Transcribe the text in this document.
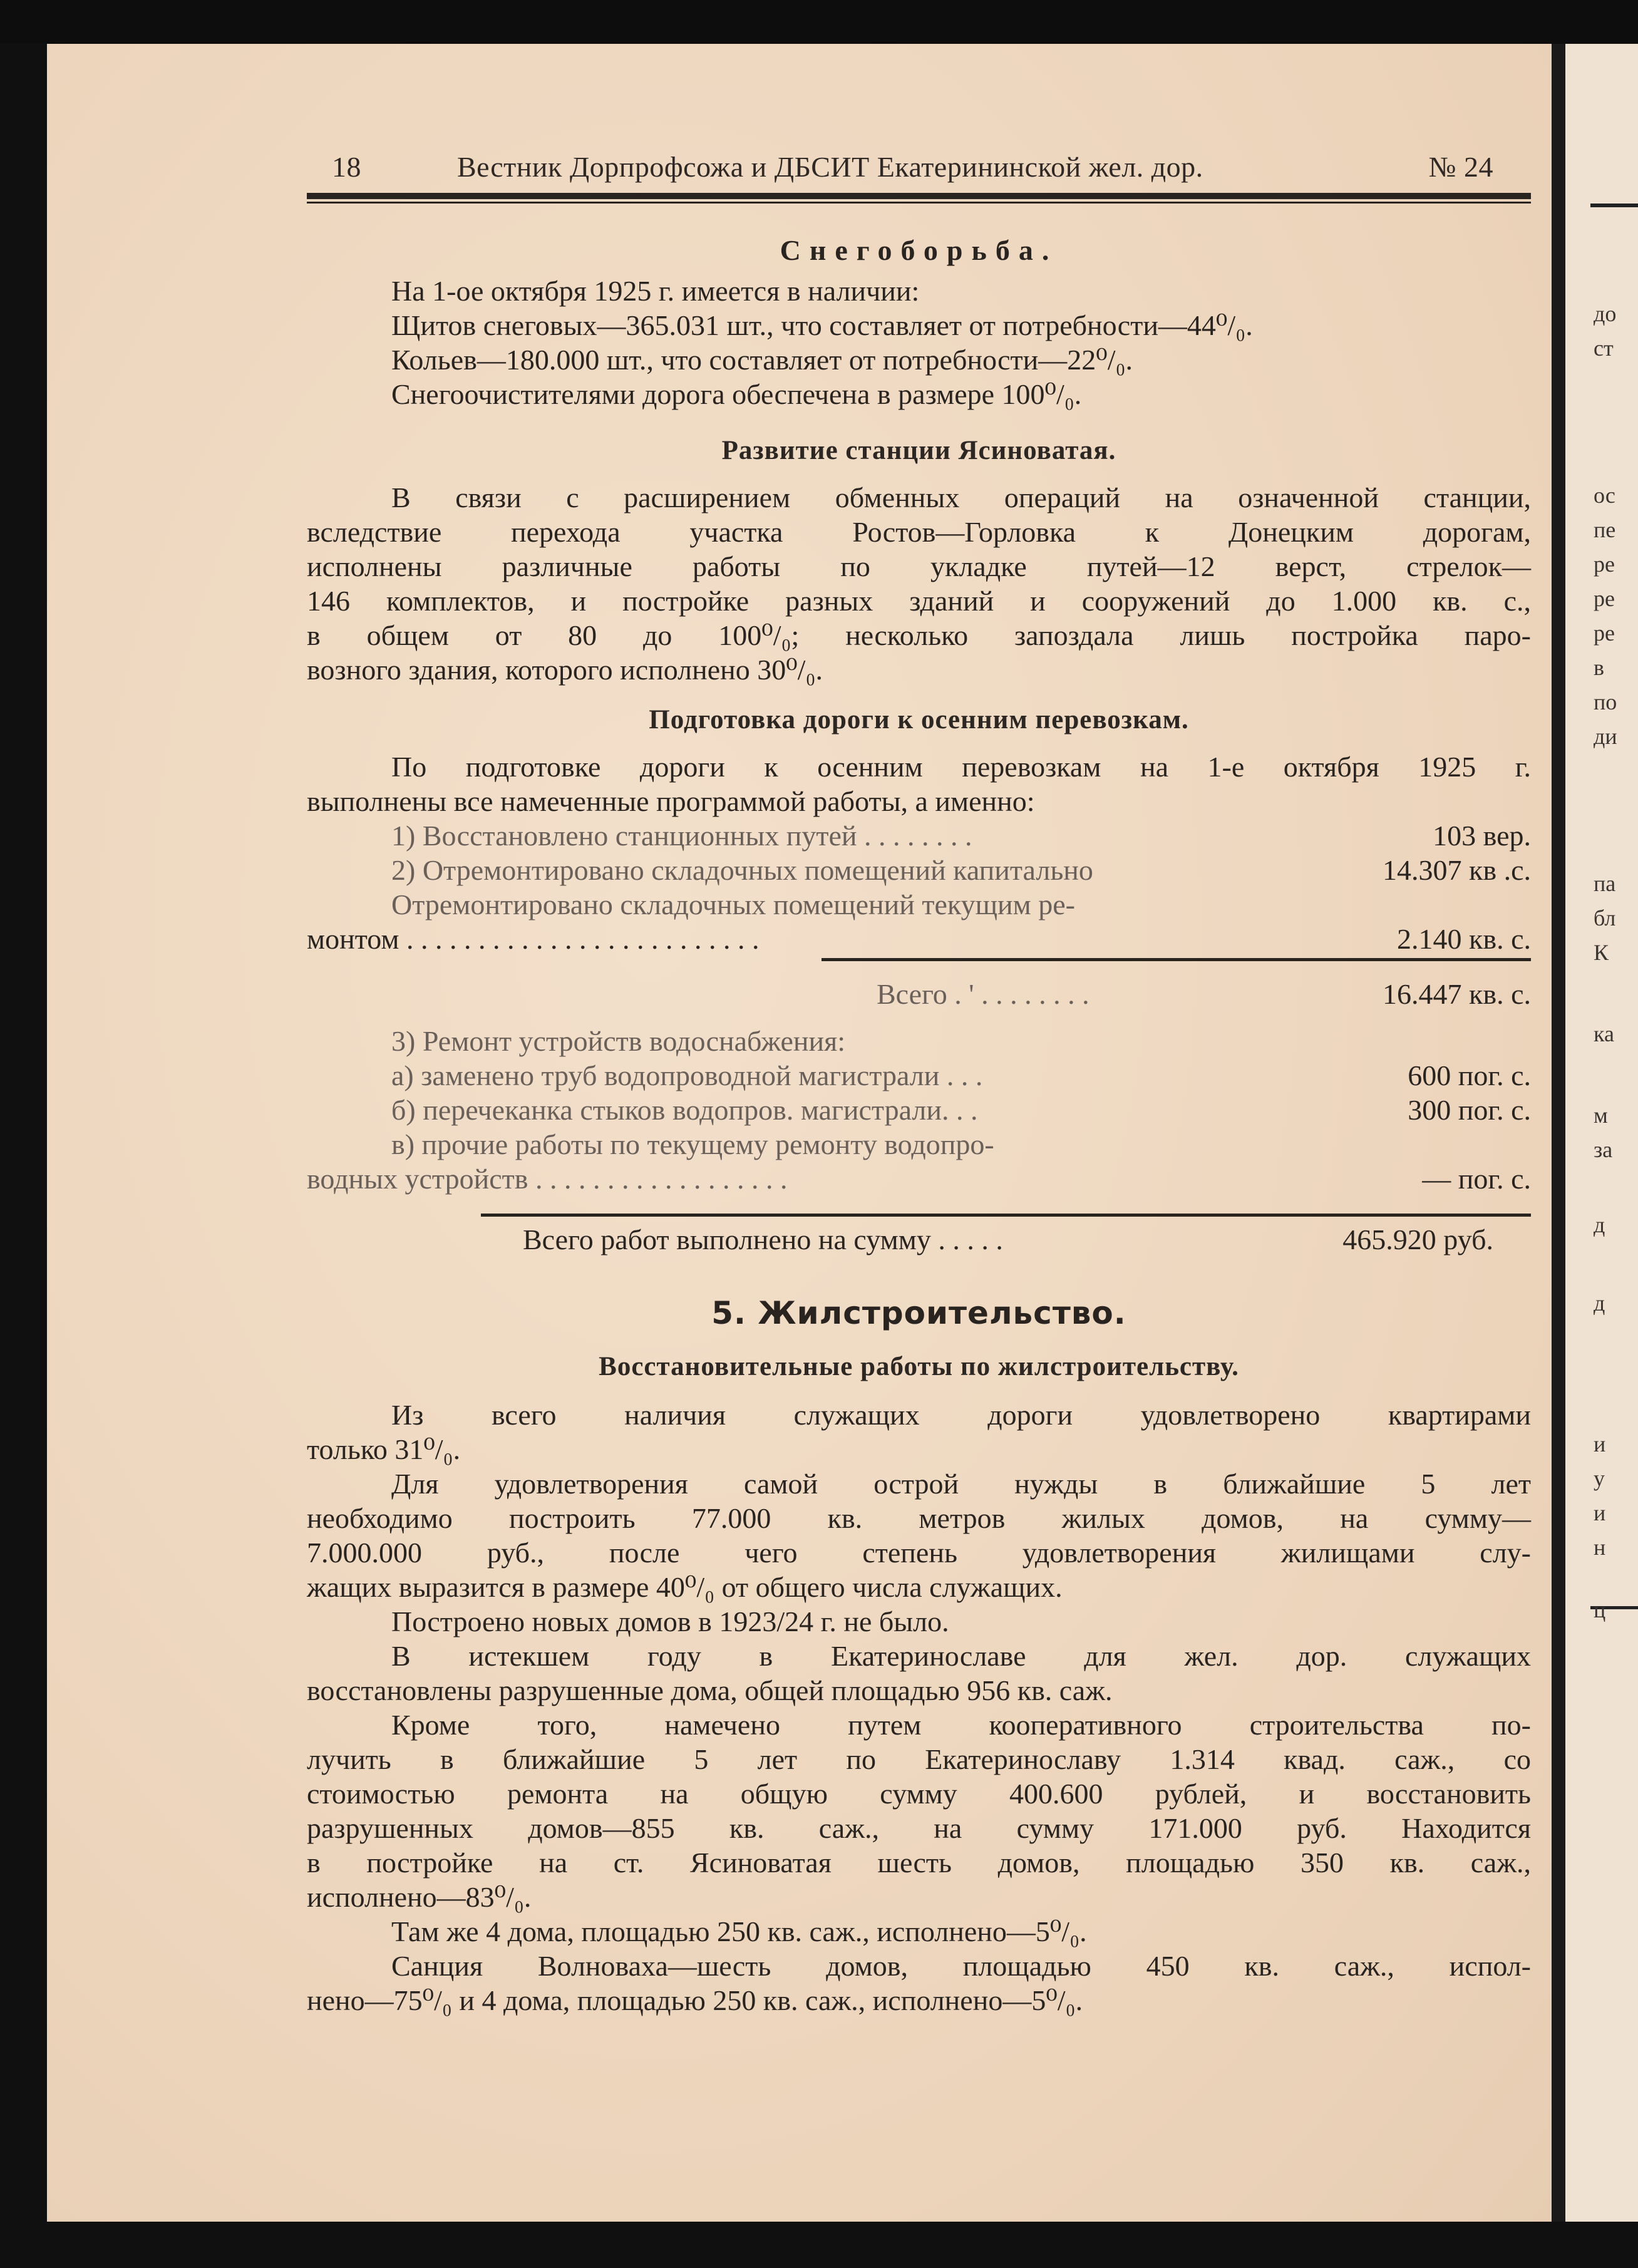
до
ст
ос
пе
ре
ре
ре
в
по
ди
па
бл
К
ка
м
за
д
д
и
у
и
н
ц
18	Вестник Дорпрофсожа и ДБСИТ Екатерининской жел. дор.	№ 24
Снегоборьба.
На 1-ое октября 1925 г. имеется в наличии:
Щитов снеговых—365.031 шт., что составляет от потребности—44⁰/₀.
Кольев—180.000 шт., что составляет от потребности—22⁰/₀.
Снегоочистителями дорога обеспечена в размере 100⁰/₀.
Развитие станции Ясиноватая.
В связи с расширением обменных операций на означенной станции,
вследствие перехода участка Ростов—Горловка к Донецким дорогам,
исполнены различные работы по укладке путей—12 верст, стрелок—
146 комплектов, и постройке разных зданий и сооружений до 1.000 кв. с.,
в общем от 80 до 100⁰/₀; несколько запоздала лишь постройка паро-
возного здания, которого исполнено 30⁰/₀.
Подготовка дороги к осенним перевозкам.
По подготовке дороги к осенним перевозкам на 1-е октября 1925 г.
выполнены все намеченные программой работы, а именно:
1) Восстановлено станционных путей . . . . . . . .	103 вер.
2) Отремонтировано складочных помещений капитально	14.307 кв .с.
Отремонтировано складочных помещений текущим ре-
монтом . . . . . . . . . . . . . . . . . . . . . . . . .	2.140 кв. с.
Всего . ' . . . . . . . .	16.447 кв. с.
3) Ремонт устройств водоснабжения:
а) заменено труб водопроводной магистрали . . .	600 пог. с.
б) перечеканка стыков водопров. магистрали. . .	300 пог. с.
в) прочие работы по текущему ремонту водопро-
водных устройств . . . . . . . . . . . . . . . . . .	— пог. с.
Всего работ выполнено на сумму . . . . .	465.920 руб.
5. Жилстроительство.
Восстановительные работы по жилстроительству.
Из всего наличия служащих дороги удовлетворено квартирами
только 31⁰/₀.
Для удовлетворения самой острой нужды в ближайшие 5 лет
необходимо построить 77.000 кв. метров жилых домов, на сумму—
7.000.000 руб., после чего степень удовлетворения жилищами слу-
жащих выразится в размере 40⁰/₀ от общего числа служащих.
Построено новых домов в 1923/24 г. не было.
В истекшем году в Екатеринославе для жел. дор. служащих
восстановлены разрушенные дома, общей площадью 956 кв. саж.
Кроме того, намечено путем кооперативного строительства по-
лучить в ближайшие 5 лет по Екатеринославу 1.314 квад. саж., со
стоимостью ремонта на общую сумму 400.600 рублей, и восстановить
разрушенных домов—855 кв. саж., на сумму 171.000 руб. Находится
в постройке на ст. Ясиноватая шесть домов, площадью 350 кв. саж.,
исполнено—83⁰/₀.
Там же 4 дома, площадью 250 кв. саж., исполнено—5⁰/₀.
Санция Волноваха—шесть домов, площадью 450 кв. саж., испол-
нено—75⁰/₀ и 4 дома, площадью 250 кв. саж., исполнено—5⁰/₀.
